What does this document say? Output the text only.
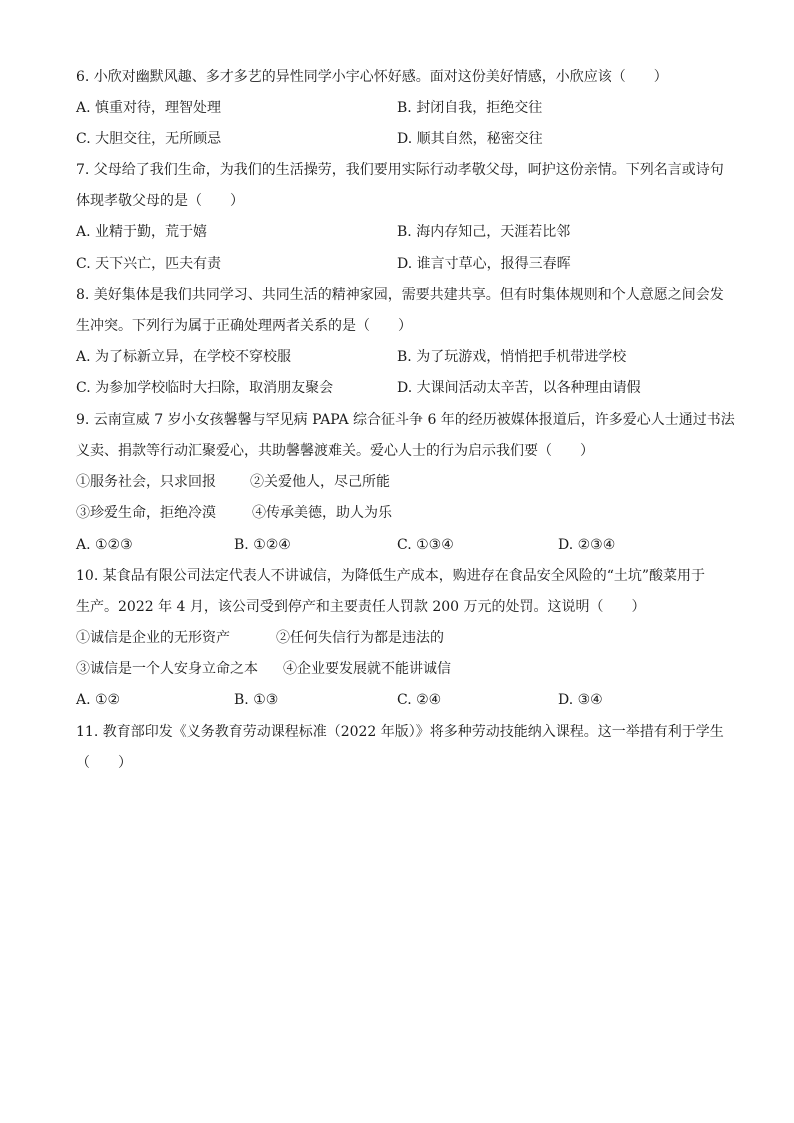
6. 小欣对幽默风趣、多才多艺的异性同学小宇心怀好感。面对这份美好情感，小欣应该（　　）
A. 慎重对待，理智处理	B. 封闭自我，拒绝交往
C. 大胆交往，无所顾忌	D. 顺其自然，秘密交往
7. 父母给了我们生命，为我们的生活操劳，我们要用实际行动孝敬父母，呵护这份亲情。下列名言或诗句
体现孝敬父母的是（　　）
A. 业精于勤，荒于嬉	B. 海内存知己，天涯若比邻
C. 天下兴亡，匹夫有责	D. 谁言寸草心，报得三春晖
8. 美好集体是我们共同学习、共同生活的精神家园，需要共建共享。但有时集体规则和个人意愿之间会发
生冲突。下列行为属于正确处理两者关系的是（　　）
A. 为了标新立异，在学校不穿校服	B. 为了玩游戏，悄悄把手机带进学校
C. 为参加学校临时大扫除，取消朋友聚会	D. 大课间活动太辛苦，以各种理由请假
9. 云南宣威 7 岁小女孩馨馨与罕见病 PAPA 综合征斗争 6 年的经历被媒体报道后，许多爱心人士通过书法
义卖、捐款等行动汇聚爱心，共助馨馨渡难关。爱心人士的行为启示我们要（　　）
①服务社会，只求回报 ②关爱他人，尽己所能
③珍爱生命，拒绝冷漠	④传承美德，助人为乐
A. ①②③	B. ①②④	C. ①③④	D. ②③④
10. 某食品有限公司法定代表人不讲诚信，为降低生产成本，购进存在食品安全风险的“土坑”酸菜用于
生产。2022 年 4 月，该公司受到停产和主要责任人罚款 200 万元的处罚。这说明（　　）
①诚信是企业的无形资产	②任何失信行为都是违法的
③诚信是一个人安身立命之本 ④企业要发展就不能讲诚信
A. ①②	B. ①③	C. ②④	D. ③④
11. 教育部印发《义务教育劳动课程标准（2022 年版）》将多种劳动技能纳入课程。这一举措有利于学生
（　　）
